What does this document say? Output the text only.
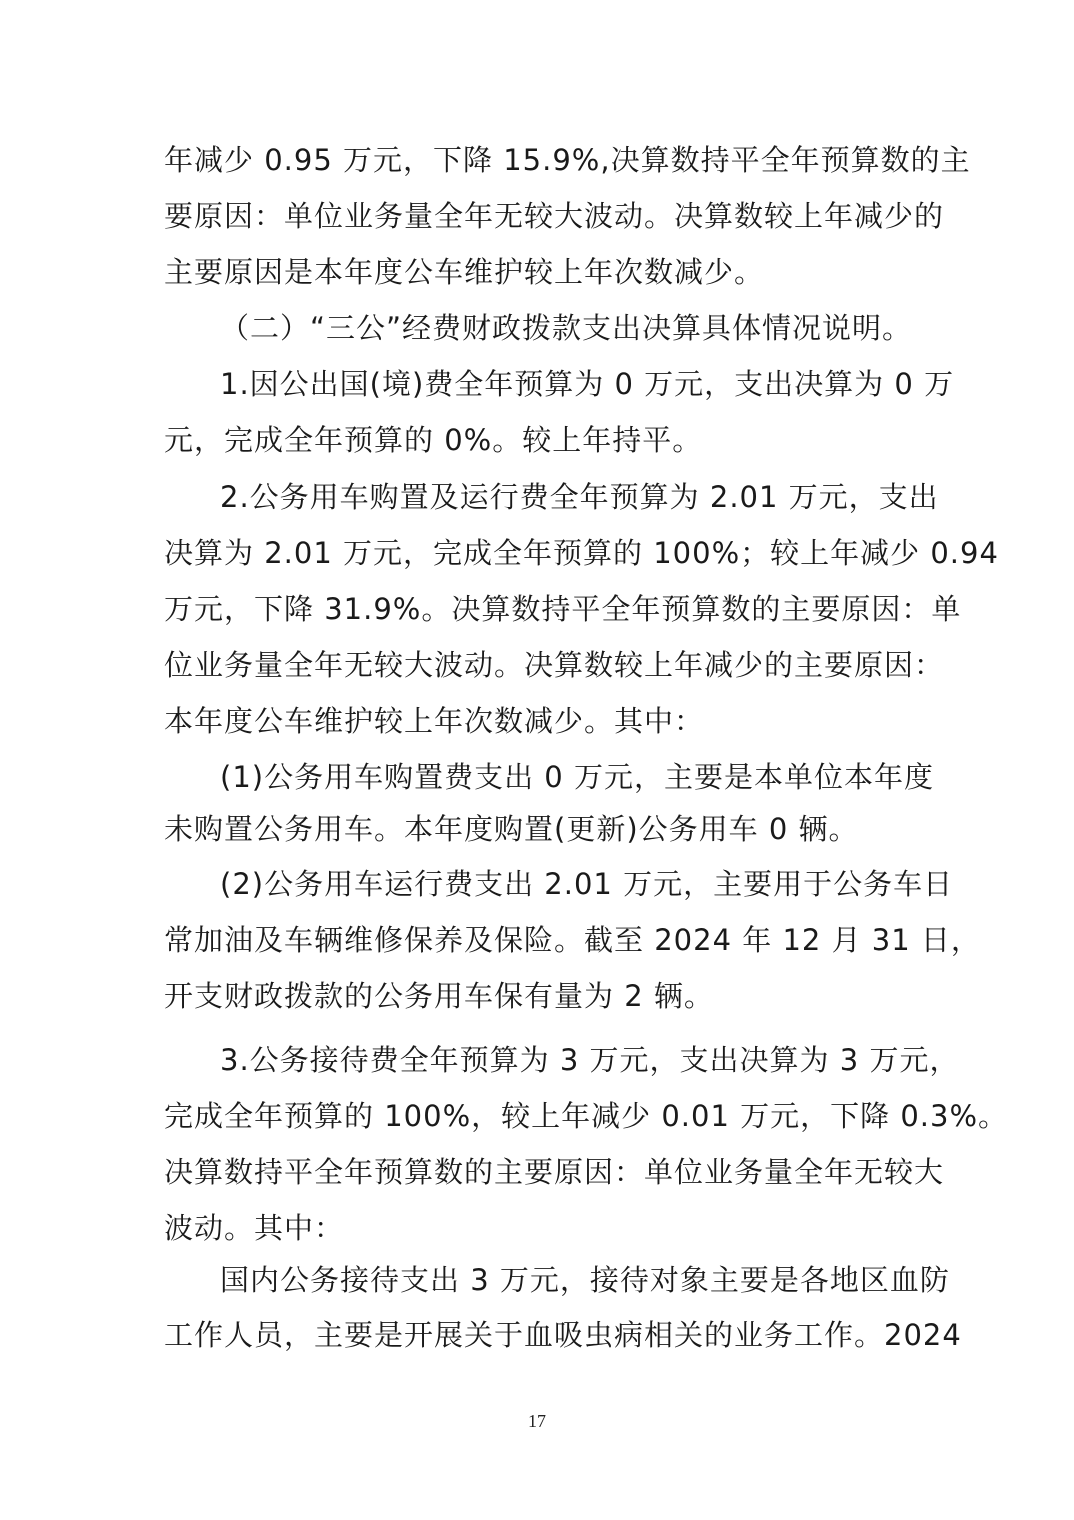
年减少 0.95 万元，下降 15.9%,决算数持平全年预算数的主
要原因：单位业务量全年无较大波动。决算数较上年减少的
主要原因是本年度公车维护较上年次数减少。
（二）“三公”经费财政拨款支出决算具体情况说明。
1.因公出国(境)费全年预算为 0 万元，支出决算为 0 万
元，完成全年预算的 0%。较上年持平。
2.公务用车购置及运行费全年预算为 2.01 万元，支出
决算为 2.01 万元，完成全年预算的 100%；较上年减少 0.94
万元，下降 31.9%。决算数持平全年预算数的主要原因：单
位业务量全年无较大波动。决算数较上年减少的主要原因：
本年度公车维护较上年次数减少。其中：
(1)公务用车购置费支出 0 万元，主要是本单位本年度
未购置公务用车。本年度购置(更新)公务用车 0 辆。
(2)公务用车运行费支出 2.01 万元，主要用于公务车日
常加油及车辆维修保养及保险。截至 2024 年 12 月 31 日，
开支财政拨款的公务用车保有量为 2 辆。
3.公务接待费全年预算为 3 万元，支出决算为 3 万元，
完成全年预算的 100%，较上年减少 0.01 万元，下降 0.3%。
决算数持平全年预算数的主要原因：单位业务量全年无较大
波动。其中：
国内公务接待支出 3 万元，接待对象主要是各地区血防
工作人员，主要是开展关于血吸虫病相关的业务工作。2024
17
